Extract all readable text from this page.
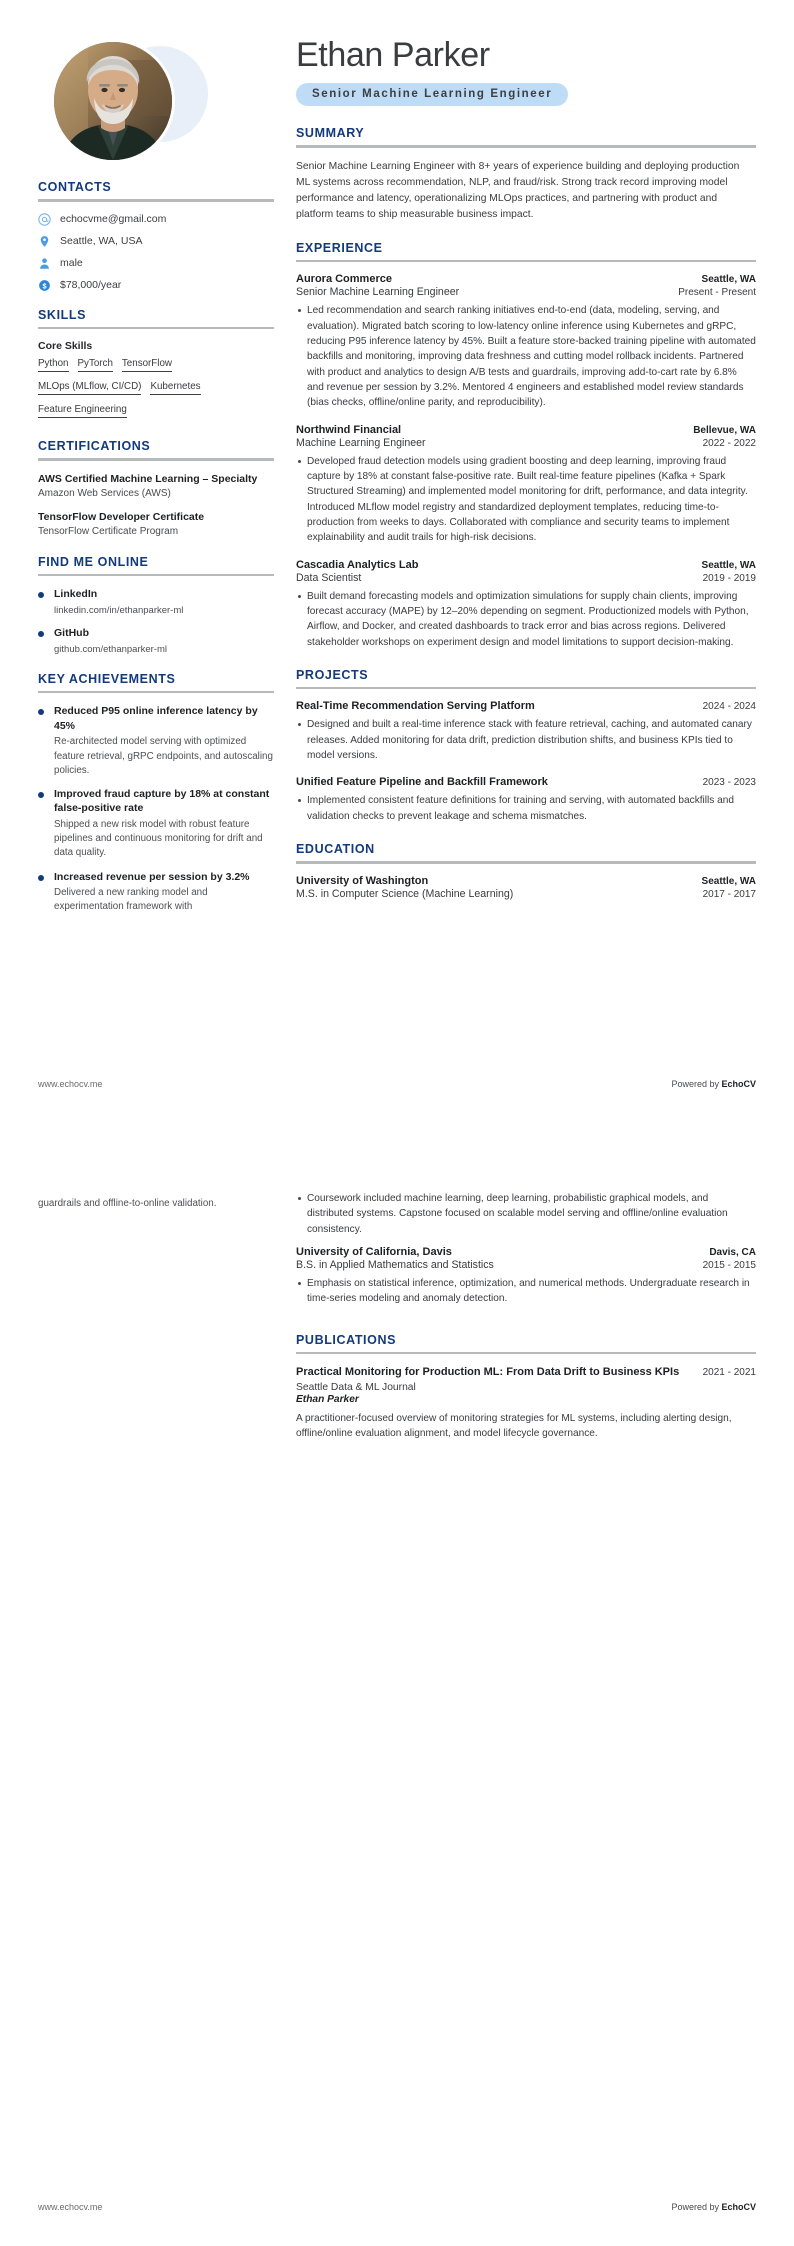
CONTACTS
echocvme@gmail.com
Seattle, WA, USA
male
$ $78,000/year
SKILLS
Core Skills
Python PyTorch TensorFlow
MLOps (MLflow, CI/CD) Kubernetes
Feature Engineering
CERTIFICATIONS
AWS Certified Machine Learning – Specialty
Amazon Web Services (AWS)
TensorFlow Developer Certificate
TensorFlow Certificate Program
FIND ME ONLINE
LinkedIn
linkedin.com/in/ethanparker-ml
GitHub
github.com/ethanparker-ml
KEY ACHIEVEMENTS
Reduced P95 online inference latency by 45%
Re-architected model serving with optimized feature retrieval, gRPC endpoints, and autoscaling policies.
Improved fraud capture by 18% at constant false-positive rate
Shipped a new risk model with robust feature pipelines and continuous monitoring for drift and data quality.
Increased revenue per session by 3.2%
Delivered a new ranking model and experimentation framework with
Ethan Parker
Senior Machine Learning Engineer
SUMMARY
Senior Machine Learning Engineer with 8+ years of experience building and deploying production ML systems across recommendation, NLP, and fraud/risk. Strong track record improving model performance and latency, operationalizing MLOps practices, and partnering with product and platform teams to ship measurable business impact.
EXPERIENCE
Aurora Commerce	Seattle, WA
Senior Machine Learning Engineer	Present - Present
Led recommendation and search ranking initiatives end-to-end (data, modeling, serving, and evaluation). Migrated batch scoring to low-latency online inference using Kubernetes and gRPC, reducing P95 inference latency by 45%. Built a feature store-backed training pipeline with automated backfills and monitoring, improving data freshness and cutting model rollback incidents. Partnered with product and analytics to design A/B tests and guardrails, improving add-to-cart rate by 6.8% and revenue per session by 3.2%. Mentored 4 engineers and established model review standards (bias checks, offline/online parity, and reproducibility).
Northwind Financial	Bellevue, WA
Machine Learning Engineer	2022 - 2022
Developed fraud detection models using gradient boosting and deep learning, improving fraud capture by 18% at constant false-positive rate. Built real-time feature pipelines (Kafka + Spark Structured Streaming) and implemented model monitoring for drift, performance, and data integrity. Introduced MLflow model registry and standardized deployment templates, reducing time-to-production from weeks to days. Collaborated with compliance and security teams to implement explainability and audit trails for high-risk decisions.
Cascadia Analytics Lab	Seattle, WA
Data Scientist	2019 - 2019
Built demand forecasting models and optimization simulations for supply chain clients, improving forecast accuracy (MAPE) by 12–20% depending on segment. Productionized models with Python, Airflow, and Docker, and created dashboards to track error and bias across regions. Delivered stakeholder workshops on experiment design and model limitations to support decision-making.
PROJECTS
Real-Time Recommendation Serving Platform	2024 - 2024
Designed and built a real-time inference stack with feature retrieval, caching, and automated canary releases. Added monitoring for data drift, prediction distribution shifts, and business KPIs tied to model versions.
Unified Feature Pipeline and Backfill Framework	2023 - 2023
Implemented consistent feature definitions for training and serving, with automated backfills and validation checks to prevent leakage and schema mismatches.
EDUCATION
University of Washington	Seattle, WA
M.S. in Computer Science (Machine Learning)	2017 - 2017
www.echocv.me	Powered by EchoCV
guardrails and offline-to-online validation.	Coursework included machine learning, deep learning, probabilistic graphical models, and distributed systems. Capstone focused on scalable model serving and offline/online evaluation consistency.
University of California, Davis	Davis, CA
B.S. in Applied Mathematics and Statistics	2015 - 2015
Emphasis on statistical inference, optimization, and numerical methods. Undergraduate research in time-series modeling and anomaly detection.
PUBLICATIONS
Practical Monitoring for Production ML: From Data Drift to Business KPIs 2021 - 2021
Seattle Data & ML Journal
Ethan Parker
A practitioner-focused overview of monitoring strategies for ML systems, including alerting design, offline/online evaluation alignment, and model lifecycle governance.
www.echocv.me	Powered by EchoCV
